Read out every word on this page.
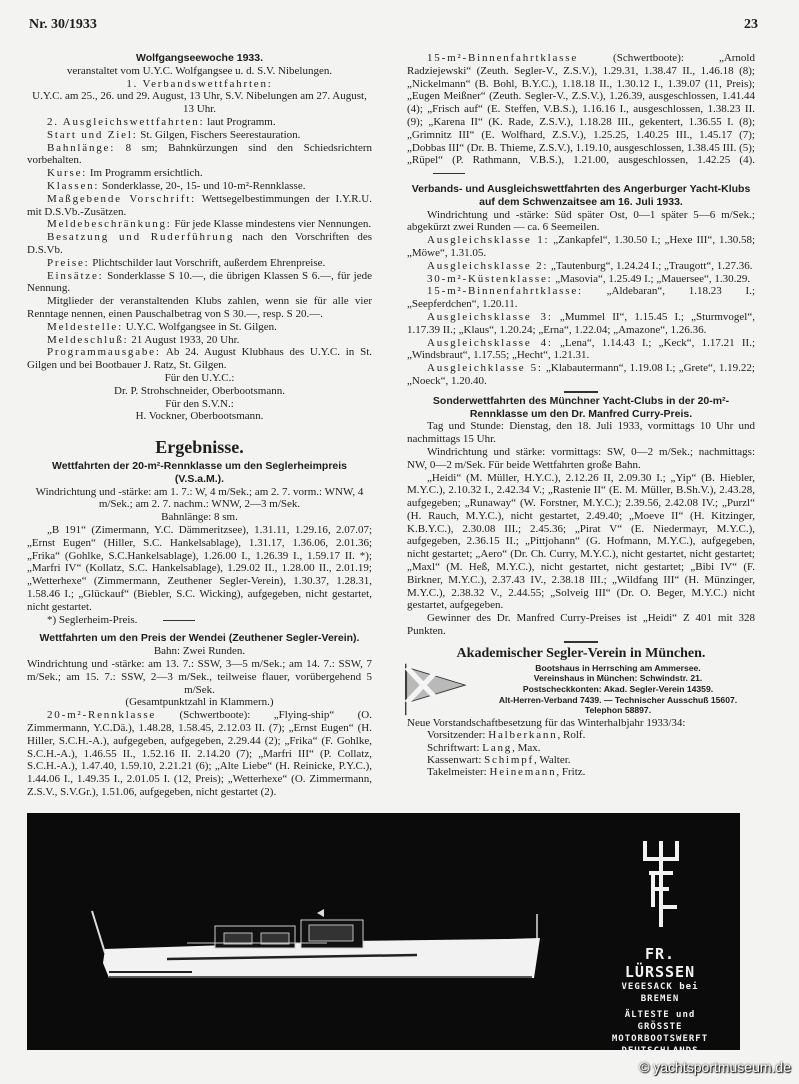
Nr. 30/1933	23
Wolfgangseewoche 1933.

veranstaltet vom U.Y.C. Wolfgangsee u. d. S.V. Nibelungen.

1. Verbandswettfahrten:

U.Y.C. am 25., 26. und 29. August, 13 Uhr, S.V. Nibelungen am 27. August, 13 Uhr.

2. Ausgleichswettfahrten: laut Programm.

Start und Ziel: St. Gilgen, Fischers Seerestauration.

Bahnlänge: 8 sm; Bahnkürzungen sind den Schiedsrichtern vorbehalten.

Kurse: Im Programm ersichtlich.

Klassen: Sonderklasse, 20-, 15- und 10-m²-Rennklasse.

Maßgebende Vorschrift: Wettsegelbestimmungen der I.Y.R.U. mit D.S.Vb.-Zusätzen.

Meldebeschränkung: Für jede Klasse mindestens vier Nennungen.

Besatzung und Ruderführung nach den Vorschriften des D.S.Vb.

Preise: Plichtschilder laut Vorschrift, außerdem Ehrenpreise.

Einsätze: Sonderklasse S 10.—, die übrigen Klassen S 6.—, für jede Nennung.

Mitglieder der veranstaltenden Klubs zahlen, wenn sie für alle vier Renntage nennen, einen Pauschalbetrag von S 30.—, resp. S 20.—.

Meldestelle: U.Y.C. Wolfgangsee in St. Gilgen.

Meldeschluß: 21 August 1933, 20 Uhr.

Programmausgabe: Ab 24. August Klubhaus des U.Y.C. in St. Gilgen und bei Bootbauer J. Ratz, St. Gilgen.

Für den U.Y.C.:

Dr. P. Strohschneider, Oberbootsmann.

Für den S.V.N.:

H. Vockner, Oberbootsmann.

Ergebnisse.
Wettfahrten der 20-m²-Rennklasse um den Seglerheimpreis (V.S.a.M.).

Windrichtung und -stärke: am 1. 7.: W, 4 m/Sek.; am 2. 7. vorm.: WNW, 4 m/Sek.; am 2. 7. nachm.: WNW, 2—3 m/Sek.

Bahnlänge: 8 sm.

„B 191“ (Zimermann, Y.C. Dämmeritzsee), 1.31.11, 1.29.16, 2.07.07; „Ernst Eugen“ (Hiller, S.C. Hankelsablage), 1.31.17, 1.36.06, 2.01.36; „Frika“ (Gohlke, S.C.Hankelsablage), 1.26.00 I., 1.26.39 I., 1.59.17 II. *); „Marfri IV“ (Kollatz, S.C. Hankelsablage), 1.29.02 II., 1.28.00 II., 2.01.19; „Wetterhexe“ (Zimmermann, Zeuthener Segler-Verein), 1.30.37, 1.28.31, 1.58.46 I.; „Glückauf“ (Biebler, S.C. Wicking), aufgegeben, nicht gestartet, nicht gestartet.

*) Seglerheim-Preis.

Wettfahrten um den Preis der Wendei (Zeuthener Segler-Verein).

Bahn: Zwei Runden.

Windrichtung und -stärke: am 13. 7.: SSW, 3—5 m/Sek.; am 14. 7.: SSW, 7 m/Sek.; am 15. 7.: SSW, 2—3 m/Sek., teilweise flauer, vorübergehend 5 m/Sek.

(Gesamtpunktzahl in Klammern.)

20-m²-Rennklasse (Schwertboote): „Flying-ship“ (O. Zimmermann, Y.C.Dä.), 1.48.28, 1.58.45, 2.12.03 II. (7); „Ernst Eugen“ (H. Hiller, S.C.H.-A.), aufgegeben, aufgegeben, 2.29.44 (2); „Frika“ (F. Gohlke, S.C.H.-A.), 1.46.55 II., 1.52.16 II. 2.14.20 (7); „Marfri III“ (P. Collatz, S.C.H.-A.), 1.47.40, 1.59.10, 2.21.21 (6); „Alte Liebe“ (H. Reinicke, P.Y.C.), 1.44.06 I., 1.49.35 I., 2.01.05 I. (12, Preis); „Wetterhexe“ (O. Zimmermann, Z.S.V., S.V.Gr.), 1.51.06, aufgegeben, nicht gestartet (2).

15-m²-Binnenfahrtklasse (Schwertboote): „Arnold Radziejewski“ (Zeuth. Segler-V., Z.S.V.), 1.29.31, 1.38.47 II., 1.46.18 (8); „Nickelmann“ (B. Bohl, B.Y.C.), 1.18.18 II., 1.30.12 I., 1.39.07 (11, Preis); „Eugen Meißner“ (Zeuth. Segler-V., Z.S.V.), 1.26.39, ausgeschlossen, 1.41.44 (4); „Frisch auf“ (E. Steffen, V.B.S.), 1.16.16 I., ausgeschlossen, 1.38.23 II. (9); „Karena II“ (K. Rade, Z.S.V.), 1.18.28 III., gekentert, 1.36.55 I. (8); „Grimnitz III“ (E. Wolfhard, Z.S.V.), 1.25.25, 1.40.25 III., 1.45.17 (7); „Dobbas III“ (Dr. B. Thieme, Z.S.V.), 1.19.10, ausgeschlossen, 1.38.45 III. (5); „Rüpel“ (P. Rathmann, V.B.S.), 1.21.00, ausgeschlossen, 1.42.25 (4).

Verbands- und Ausgleichswettfahrten des Angerburger Yacht-Klubs auf dem Schwenzaitsee am 16. Juli 1933.

Windrichtung und -stärke: Süd später Ost, 0—1 später 5—6 m/Sek.; abgekürzt zwei Runden — ca. 6 Seemeilen.

Ausgleichsklasse 1: „Zankapfel“, 1.30.50 I.; „Hexe III“, 1.30.58; „Möwe“, 1.31.05.

Ausgleichsklasse 2: „Tautenburg“, 1.24.24 I.; „Traugott“, 1.27.36.

30-m²-Küstenklasse: „Masovia“, 1.25.49 I.; „Mauersee“, 1.30.29.

15-m²-Binnenfahrtklasse: „Aldebaran“, 1.18.23 I.; „Seepferdchen“, 1.20.11.

Ausgleichsklasse 3: „Mummel II“, 1.15.45 I.; „Sturmvogel“, 1.17.39 II.; „Klaus“, 1.20.24; „Erna“, 1.22.04; „Amazone“, 1.26.36.

Ausgleichsklasse 4: „Lena“, 1.14.43 I.; „Keck“, 1.17.21 II.; „Windsbraut“, 1.17.55; „Hecht“, 1.21.31.

Ausgleichklasse 5: „Klabautermann“, 1.19.08 I.; „Grete“, 1.19.22; „Noeck“, 1.20.40.

Sonderwettfahrten des Münchner Yacht-Clubs in der 20-m²-Rennklasse um den Dr. Manfred Curry-Preis.

Tag und Stunde: Dienstag, den 18. Juli 1933, vormittags 10 Uhr und nachmittags 15 Uhr.

Windrichtung und stärke: vormittags: SW, 0—2 m/Sek.; nachmittags: NW, 0—2 m/Sek. Für beide Wettfahrten große Bahn.

„Heidi“ (M. Müller, H.Y.C.), 2.12.26 II, 2.09.30 I.; „Yip“ (B. Hiebler, M.Y.C.), 2.10.32 I., 2.42.34 V.; „Rastenie II“ (E. M. Müller, B.Sh.V.), 2.43.28, aufgegeben; „Runaway“ (W. Forstner, M.Y.C.); 2.39.56, 2.42.08 IV.; „Purzl“ (H. Rauch, M.Y.C.), nicht gestartet, 2.49.40; „Moeve II“ (H. Kitzinger, K.B.Y.C.), 2.30.08 III.; 2.45.36; „Pirat V“ (E. Niedermayr, M.Y.C.), aufgegeben, 2.36.15 II.; „Pittjohann“ (G. Hofmann, M.Y.C.), aufgegeben, nicht gestartet; „Aero“ (Dr. Ch. Curry, M.Y.C.), nicht gestartet, nicht gestartet; „Maxl“ (M. Heß, M.Y.C.), nicht gestartet, nicht gestartet; „Bibi IV“ (F. Birkner, M.Y.C.), 2.37.43 IV., 2.38.18 III.; „Wildfang III“ (H. Münzinger, M.Y.C.), 2.38.32 V., 2.44.55; „Solveig III“ (Dr. O. Beger, M.Y.C.) nicht gestartet, aufgegeben.

Gewinner des Dr. Manfred Curry-Preises ist „Heidi“ Z 401 mit 328 Punkten.

Akademischer Segler-Verein in München.
Bootshaus in Herrsching am Ammersee.
Vereinshaus in München: Schwindstr. 21.
Postscheckkonten: Akad. Segler-Verein 14359.
Alt-Herren-Verband 7439. — Technischer Ausschuß 15607.
Telephon 58897.

Neue Vorstandschaftbesetzung für das Winterhalbjahr 1933/34:

Vorsitzender: Halberkann, Rolf.

Schriftwart: Lang, Max.

Kassenwart: Schimpf, Walter.

Takelmeister: Heinemann, Fritz.

FR. LÜRSSEN
VEGESACK bei BREMEN
ÄLTESTE und GRÖSSTE
MOTORBOOTSWERFT
DEUTSCHLANDS
© yachtsportmuseum.de
